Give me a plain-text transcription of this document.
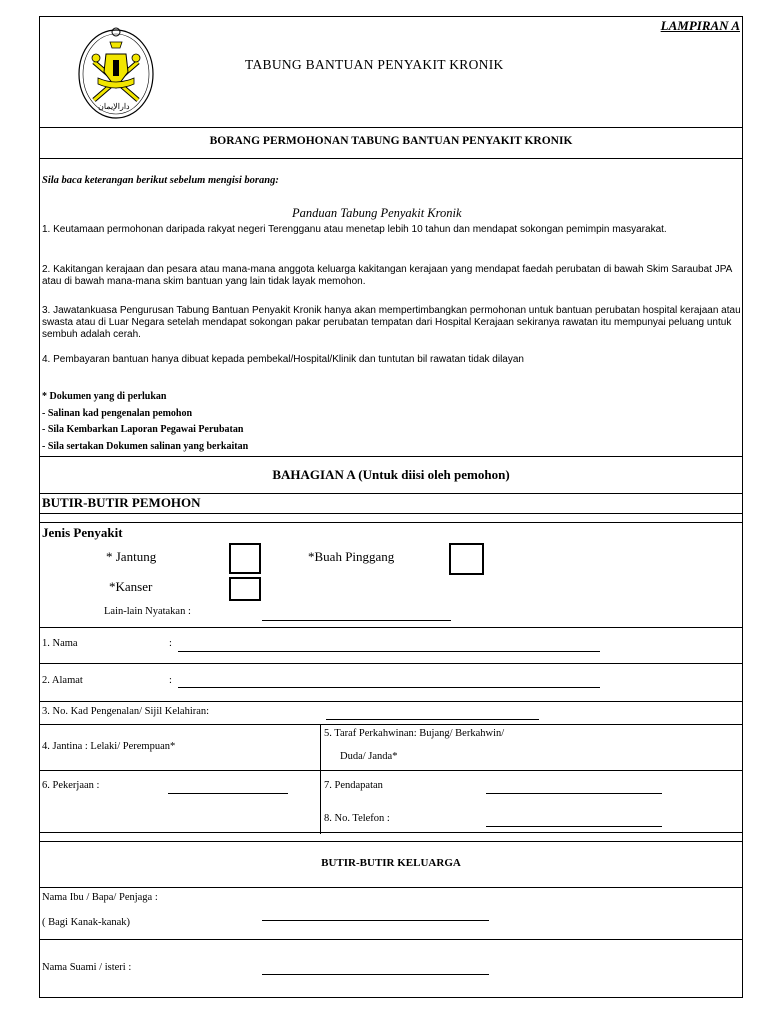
LAMPIRAN A
دارالإيمان
TABUNG BANTUAN PENYAKIT KRONIK
BORANG PERMOHONAN TABUNG BANTUAN PENYAKIT KRONIK
Sila baca keterangan berikut sebelum mengisi borang:
Panduan Tabung Penyakit Kronik
1. Keutamaan permohonan daripada rakyat negeri Terengganu atau menetap lebih 10 tahun dan mendapat sokongan pemimpin masyarakat.
2. Kakitangan kerajaan dan pesara atau mana-mana anggota keluarga kakitangan kerajaan yang mendapat faedah perubatan di bawah Skim Saraubat JPA atau di bawah mana-mana skim bantuan yang lain tidak layak memohon.
3. Jawatankuasa Pengurusan Tabung Bantuan Penyakit Kronik hanya akan mempertimbangkan permohonan untuk bantuan perubatan hospital kerajaan atau swasta atau di Luar Negara setelah mendapat sokongan pakar perubatan tempatan dari Hospital Kerajaan sekiranya rawatan itu mempunyai peluang untuk sembuh adalah cerah.
4. Pembayaran bantuan hanya dibuat kepada pembekal/Hospital/Klinik dan tuntutan bil rawatan tidak dilayan
* Dokumen yang di perlukan
- Salinan kad pengenalan pemohon
- Sila Kembarkan Laporan Pegawai Perubatan
- Sila sertakan Dokumen salinan yang berkaitan
BAHAGIAN A (Untuk diisi oleh pemohon)
BUTIR-BUTIR PEMOHON
Jenis Penyakit
* Jantung	*Buah Pinggang
*Kanser
Lain-lain Nyatakan :
1. Nama	:
2. Alamat	:
3. No. Kad Pengenalan/ Sijil Kelahiran:
4. Jantina : Lelaki/ Perempuan*
5. Taraf Perkahwinan: Bujang/ Berkahwin/
Duda/ Janda*
6. Pekerjaan :	7. Pendapatan
8. No. Telefon :
BUTIR-BUTIR KELUARGA
Nama Ibu / Bapa/ Penjaga :
( Bagi Kanak-kanak)
Nama Suami / isteri :
